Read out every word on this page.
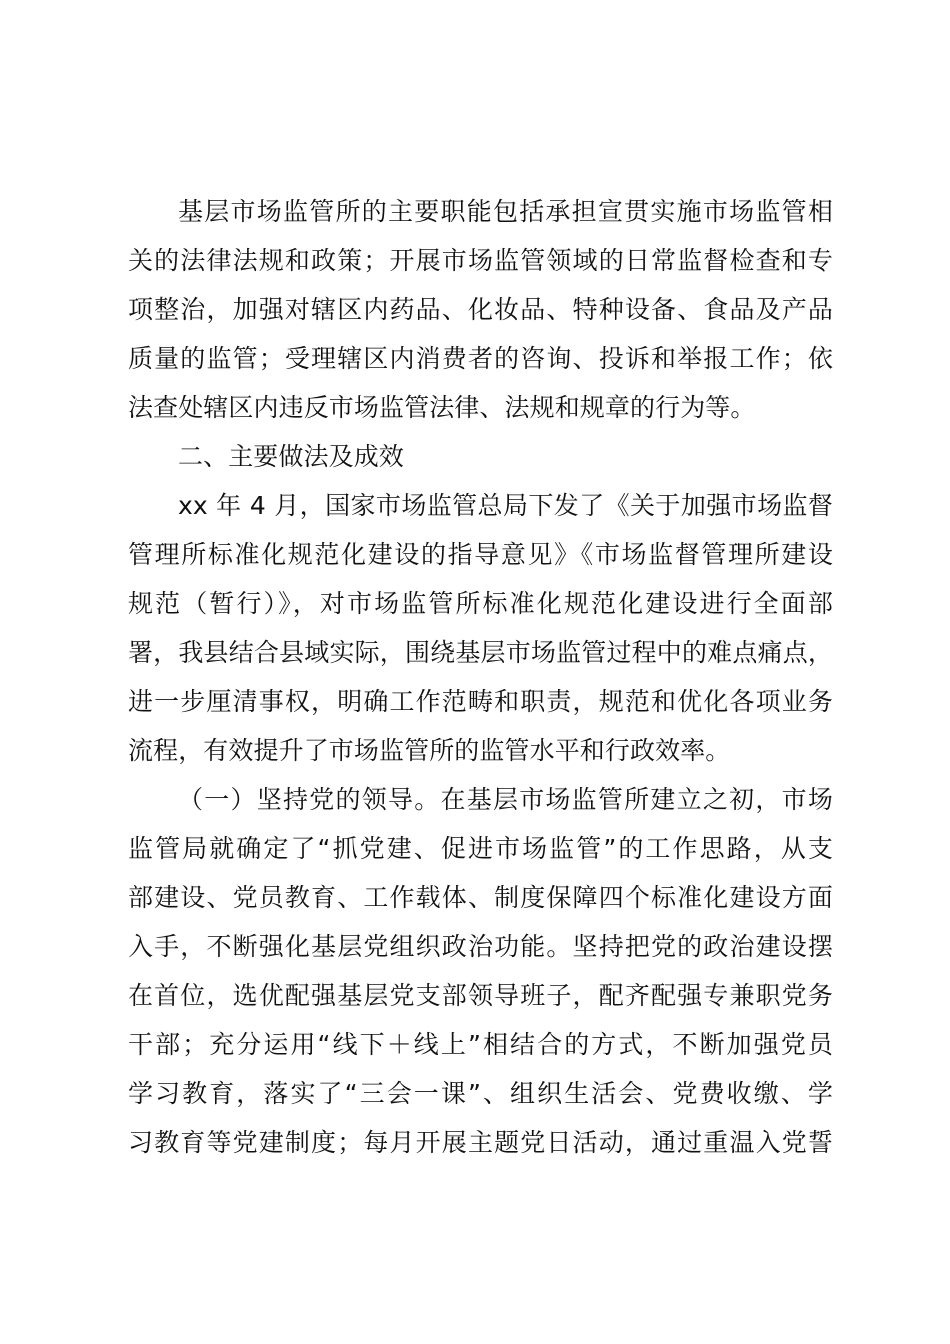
基层市场监管所的主要职能包括承担宣贯实施市场监管相
关的法律法规和政策；开展市场监管领域的日常监督检查和专
项整治，加强对辖区内药品、化妆品、特种设备、食品及产品
质量的监管；受理辖区内消费者的咨询、投诉和举报工作；依
法查处辖区内违反市场监管法律、法规和规章的行为等。
二、主要做法及成效
xx 年 4 月，国家市场监管总局下发了《关于加强市场监督
管理所标准化规范化建设的指导意见》《市场监督管理所建设
规范（暂行）》，对市场监管所标准化规范化建设进行全面部
署，我县结合县域实际，围绕基层市场监管过程中的难点痛点，
进一步厘清事权，明确工作范畴和职责，规范和优化各项业务
流程，有效提升了市场监管所的监管水平和行政效率。
（一）坚持党的领导。在基层市场监管所建立之初，市场
监管局就确定了“抓党建、促进市场监管”的工作思路，从支
部建设、党员教育、工作载体、制度保障四个标准化建设方面
入手，不断强化基层党组织政治功能。坚持把党的政治建设摆
在首位，选优配强基层党支部领导班子，配齐配强专兼职党务
干部；充分运用“线下＋线上”相结合的方式，不断加强党员
学习教育，落实了“三会一课”、组织生活会、党费收缴、学
习教育等党建制度；每月开展主题党日活动，通过重温入党誓
